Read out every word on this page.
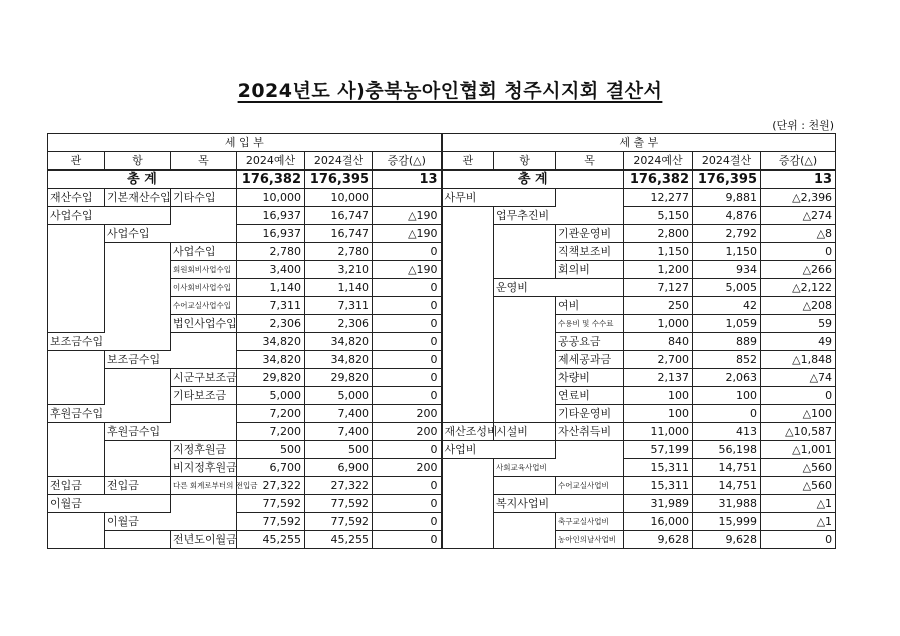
2024년도 사)충북농아인협회 청주시지회 결산서
(단위 : 천원)
세 입 부						세 출 부					
관	항	목	2024예산	2024결산	증감(△)	관	항	목	2024예산	2024결산	증감(△)
총 계			176,382	176,395	13	총 계			176,382	176,395	13
재산수입	기본재산수입	기타수입	10,000	10,000		사무비			12,277	9,881	△2,396
사업수입			16,937	16,747	△190		업무추진비		5,150	4,876	△274
	사업수입		16,937	16,747	△190			기관운영비	2,800	2,792	△8
		사업수입	2,780	2,780	0			직책보조비	1,150	1,150	0
		회원회비사업수입	3,400	3,210	△190			회의비	1,200	934	△266
		이사회비사업수입	1,140	1,140	0		운영비		7,127	5,005	△2,122
		수어교실사업수입	7,311	7,311	0			여비	250	42	△208
		법인사업수입	2,306	2,306	0			수용비 및 수수료	1,000	1,059	59
보조금수입			34,820	34,820	0			공공요금	840	889	49
	보조금수입		34,820	34,820	0			제세공과금	2,700	852	△1,848
		시군구보조금	29,820	29,820	0			차량비	2,137	2,063	△74
		기타보조금	5,000	5,000	0			연료비	100	100	0
후원금수입			7,200	7,400	200			기타운영비	100	0	△100
	후원금수입		7,200	7,400	200	재산조성비	시설비	자산취득비	11,000	413	△10,587
		지정후원금	500	500	0	사업비			57,199	56,198	△1,001
		비지정후원금	6,700	6,900	200		사회교육사업비		15,311	14,751	△560
전입금	전입금	다른 회계로부터의 전입금	27,322	27,322	0			수어교실사업비	15,311	14,751	△560
이월금			77,592	77,592	0		복지사업비		31,989	31,988	△1
	이월금		77,592	77,592	0			축구교실사업비	16,000	15,999	△1
		전년도이월금	45,255	45,255	0			농아인의날사업비	9,628	9,628	0
